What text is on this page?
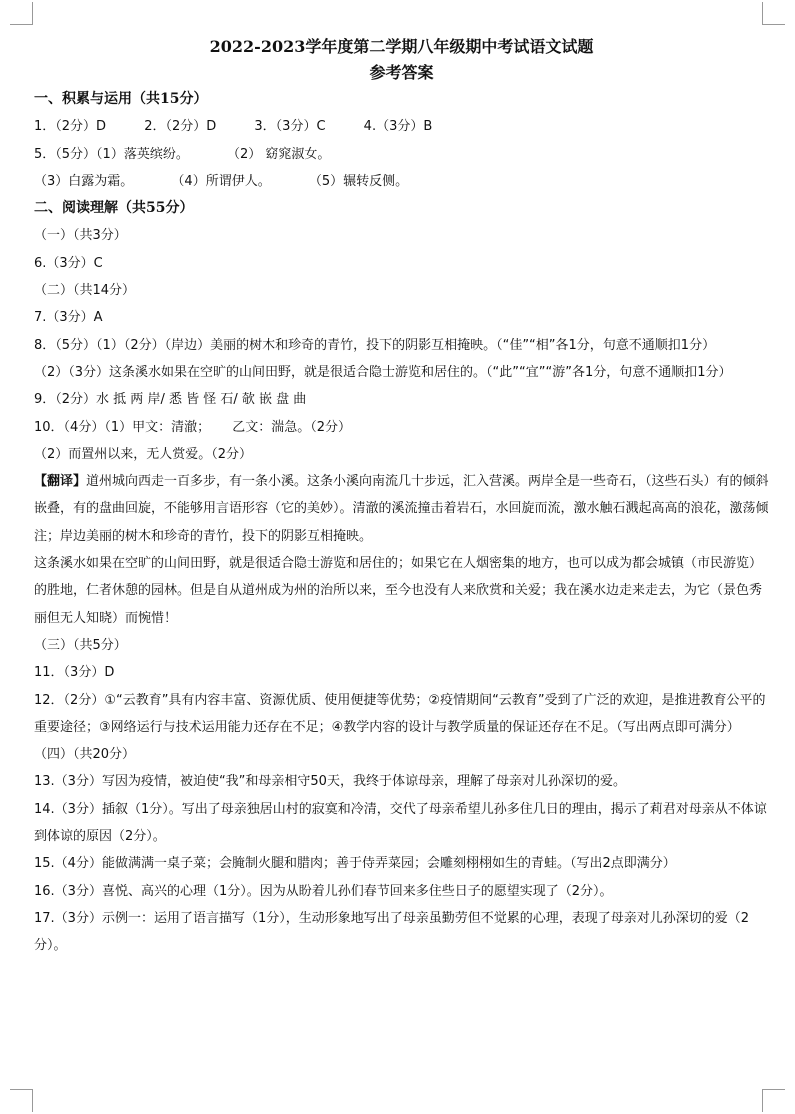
2022-2023学年度第二学期八年级期中考试语文试题
参考答案
一、积累与运用（共15分）
1．（2分）D	2．（2分）D	3．（3分）C	4.（3分）B
5．（5分）（1）落英缤纷。	（2） 窈窕淑女。
（3）白露为霜。	（4）所谓伊人。	（5）辗转反侧。
二、阅读理解（共55分）
（一）（共3分）
6.（3分）C
（二）（共14分）
7.（3分）A
8．（5分）（1）（2分）（岸边）美丽的树木和珍奇的青竹，投下的阴影互相掩映。（“佳”“相”各1分，句意不通顺扣1分）
（2）（3分）这条溪水如果在空旷的山间田野，就是很适合隐士游览和居住的。（“此”“宜”“游”各1分，句意不通顺扣1分）
9．（2分）水 抵 两 岸/ 悉 皆 怪 石/ 欹 嵌 盘 曲
10．（4分）（1）甲文：清澈； 乙文：湍急。（2分）
（2）而置州以来，无人赏爱。（2分）
【翻译】道州城向西走一百多步，有一条小溪。这条小溪向南流几十步远，汇入营溪。两岸全是一些奇石，（这些石头）有的倾斜嵌叠，有的盘曲回旋，不能够用言语形容（它的美妙）。清澈的溪流撞击着岩石，水回旋而流，激水触石溅起高高的浪花，激荡倾注；岸边美丽的树木和珍奇的青竹，投下的阴影互相掩映。
这条溪水如果在空旷的山间田野，就是很适合隐士游览和居住的；如果它在人烟密集的地方，也可以成为都会城镇（市民游览）的胜地，仁者休憩的园林。但是自从道州成为州的治所以来，至今也没有人来欣赏和关爱；我在溪水边走来走去，为它（景色秀丽但无人知晓）而惋惜！
（三）（共5分）
11．（3分）D
12．（2分）①“云教育”具有内容丰富、资源优质、使用便捷等优势；②疫情期间“云教育”受到了广泛的欢迎，是推进教育公平的重要途径；③网络运行与技术运用能力还存在不足；④教学内容的设计与教学质量的保证还存在不足。（写出两点即可满分）
（四）（共20分）
13.（3分）写因为疫情，被迫使“我”和母亲相守50天，我终于体谅母亲，理解了母亲对儿孙深切的爱。
14.（3分）插叙（1分）。写出了母亲独居山村的寂寞和冷清，交代了母亲希望儿孙多住几日的理由，揭示了莉君对母亲从不体谅到体谅的原因（2分）。
15.（4分）能做满满一桌子菜；会腌制火腿和腊肉；善于侍弄菜园；会雕刻栩栩如生的青蛙。（写出2点即满分）
16.（3分）喜悦、高兴的心理（1分）。因为从盼着儿孙们春节回来多住些日子的愿望实现了（2分）。
17.（3分）示例一：运用了语言描写（1分），生动形象地写出了母亲虽勤劳但不觉累的心理，表现了母亲对儿孙深切的爱（2分）。
